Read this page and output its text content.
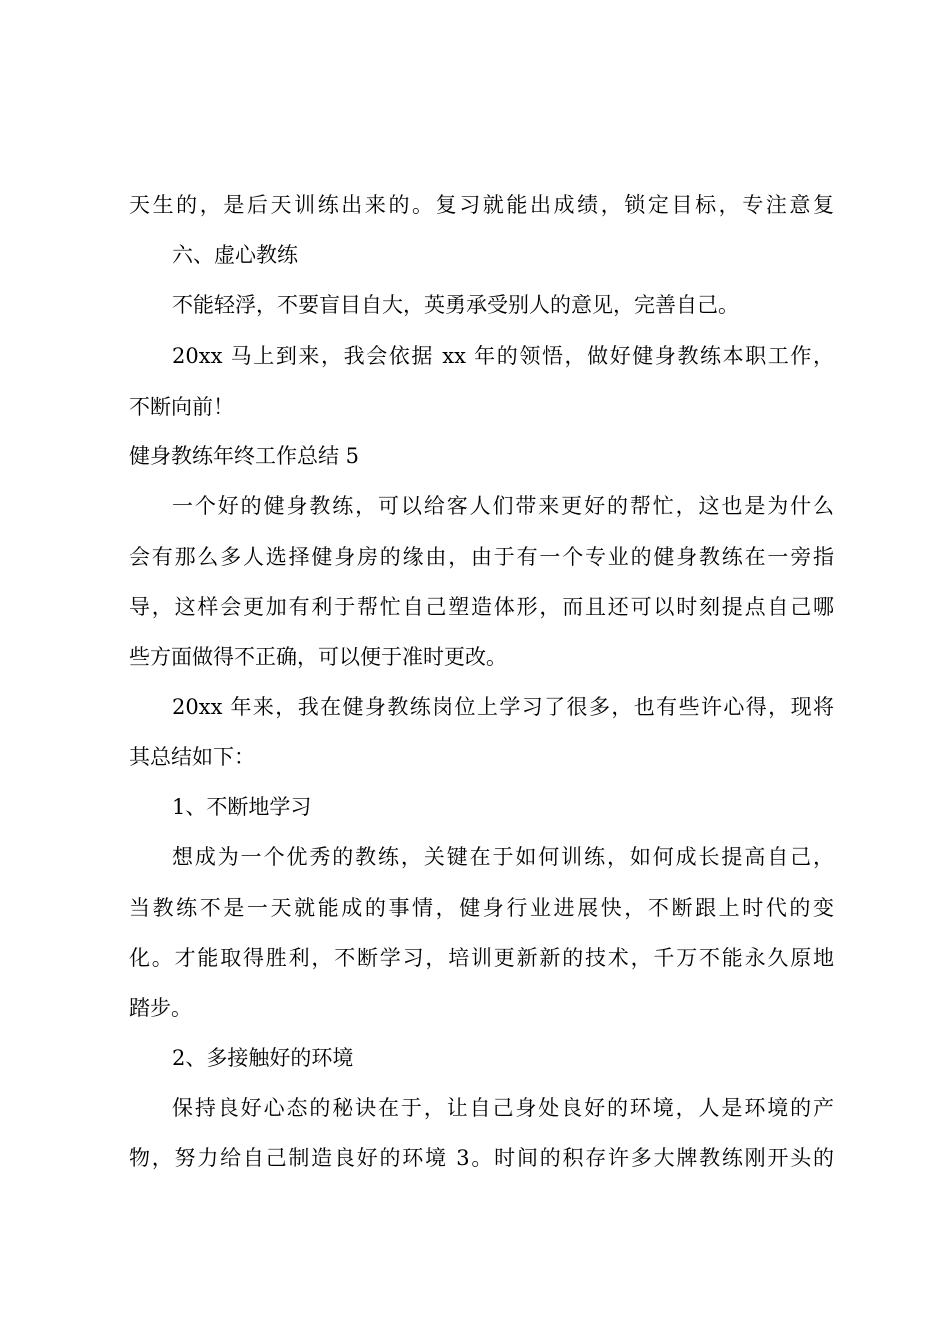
天生的，是后天训练出来的。复习就能出成绩，锁定目标，专注意复
六、虚心教练
不能轻浮，不要盲目自大，英勇承受别人的意见，完善自己。
20xx 马上到来，我会依据 xx 年的领悟，做好健身教练本职工作，
不断向前！
健身教练年终工作总结 5
一个好的健身教练，可以给客人们带来更好的帮忙，这也是为什么
会有那么多人选择健身房的缘由，由于有一个专业的健身教练在一旁指
导，这样会更加有利于帮忙自己塑造体形，而且还可以时刻提点自己哪
些方面做得不正确，可以便于准时更改。
20xx 年来，我在健身教练岗位上学习了很多，也有些许心得，现将
其总结如下：
1、不断地学习
想成为一个优秀的教练，关键在于如何训练，如何成长提高自己，
当教练不是一天就能成的事情，健身行业进展快，不断跟上时代的变
化。才能取得胜利，不断学习，培训更新新的技术，千万不能永久原地
踏步。
2、多接触好的环境
保持良好心态的秘诀在于，让自己身处良好的环境，人是环境的产
物，努力给自己制造良好的环境 3。时间的积存许多大牌教练刚开头的
